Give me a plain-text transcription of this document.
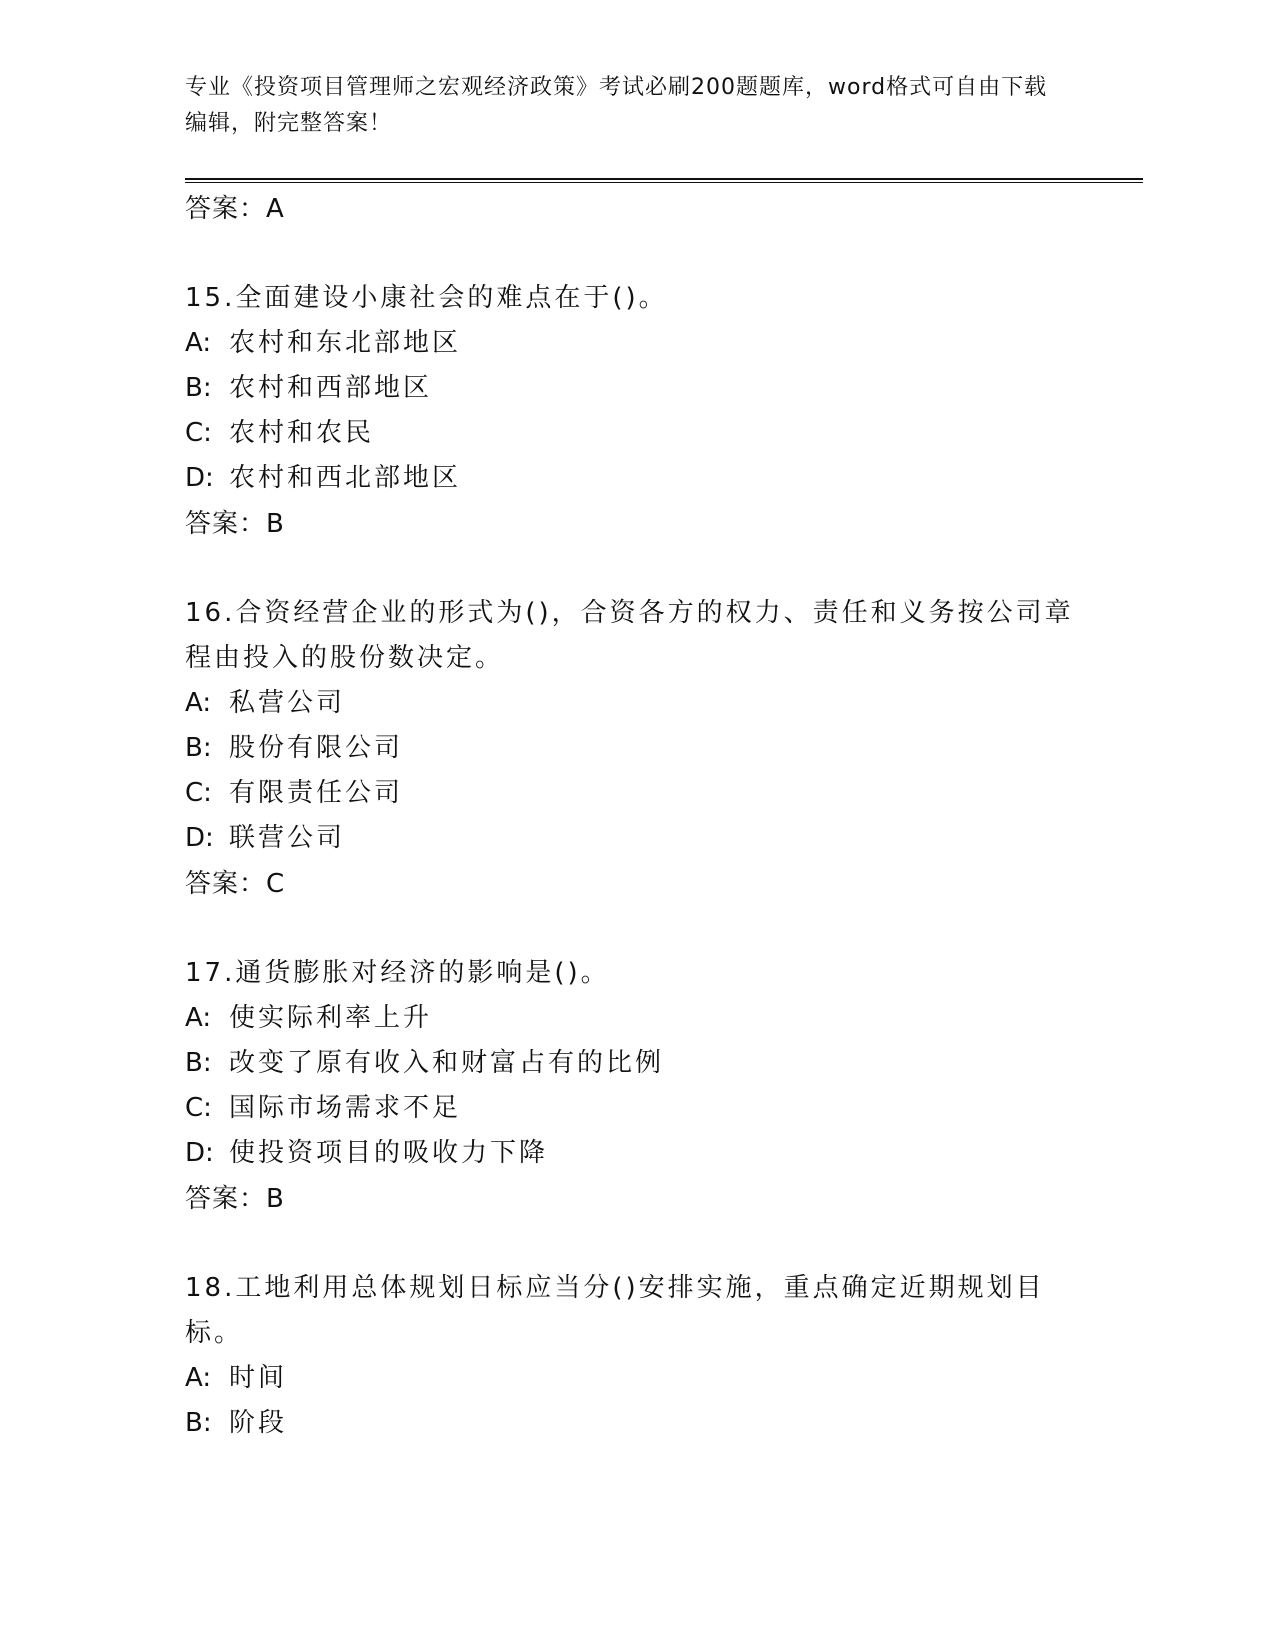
专业《投资项目管理师之宏观经济政策》考试必刷200题题库，word格式可自由下载编辑，附完整答案！
答案：A
15.全面建设小康社会的难点在于()。
A: 农村和东北部地区
B: 农村和西部地区
C: 农村和农民
D: 农村和西北部地区
答案：B
16.合资经营企业的形式为()，合资各方的权力、责任和义务按公司章程由投入的股份数决定。
A: 私营公司
B: 股份有限公司
C: 有限责任公司
D: 联营公司
答案：C
17.通货膨胀对经济的影响是()。
A: 使实际利率上升
B: 改变了原有收入和财富占有的比例
C: 国际市场需求不足
D: 使投资项目的吸收力下降
答案：B
18.工地利用总体规划日标应当分()安排实施，重点确定近期规划目标。
A: 时间
B: 阶段
